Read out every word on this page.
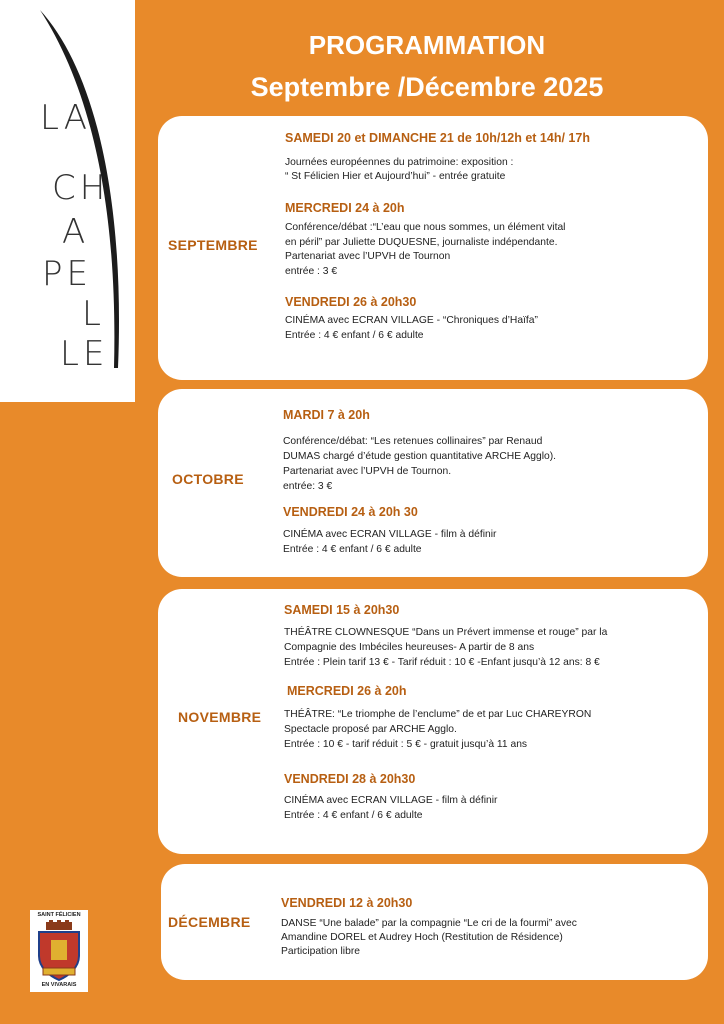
LA
CH
A
PE
L
LE
PROGRAMMATION
Septembre /Décembre 2025
SEPTEMBRE
SAMEDI 20 et DIMANCHE 21 de 10h/12h et 14h/ 17h
Journées européennes du patrimoine: exposition :
“ St Félicien Hier et Aujourd’hui” - entrée gratuite
MERCREDI 24 à 20h
Conférence/débat :“L’eau que nous sommes, un élément vital
en péril” par Juliette DUQUESNE, journaliste indépendante.
Partenariat avec l’UPVH de Tournon
entrée : 3 €
VENDREDI 26 à 20h30
CINÉMA avec ECRAN VILLAGE - “Chroniques d’Haïfa”
Entrée : 4 € enfant / 6 € adulte
OCTOBRE
MARDI 7 à 20h
Conférence/débat: “Les retenues collinaires” par Renaud
DUMAS chargé d’étude gestion quantitative ARCHE Agglo).
Partenariat avec l’UPVH de Tournon.
entrée: 3 €
VENDREDI 24 à 20h 30
CINÉMA avec ECRAN VILLAGE - film à définir
Entrée : 4 € enfant / 6 € adulte
NOVEMBRE
SAMEDI 15 à 20h30
THÉÂTRE CLOWNESQUE “Dans un Prévert immense et rouge” par la
Compagnie des Imbéciles heureuses- A partir de 8 ans
Entrée : Plein tarif 13 € - Tarif réduit : 10 € -Enfant jusqu’à 12 ans: 8 €
MERCREDI 26 à 20h
THÉÂTRE: “Le triomphe de l’enclume” de et par Luc CHAREYRON
Spectacle proposé par ARCHE Agglo.
Entrée : 10 € - tarif réduit : 5 € - gratuit jusqu’à 11 ans
VENDREDI 28 à 20h30
CINÉMA avec ECRAN VILLAGE - film à définir
Entrée : 4 € enfant / 6 € adulte
DÉCEMBRE
VENDREDI 12 à 20h30
DANSE “Une balade” par la compagnie “Le cri de la fourmi” avec
Amandine DOREL et Audrey Hoch (Restitution de Résidence)
Participation libre
SAINT FÉLICIEN
EN VIVARAIS
